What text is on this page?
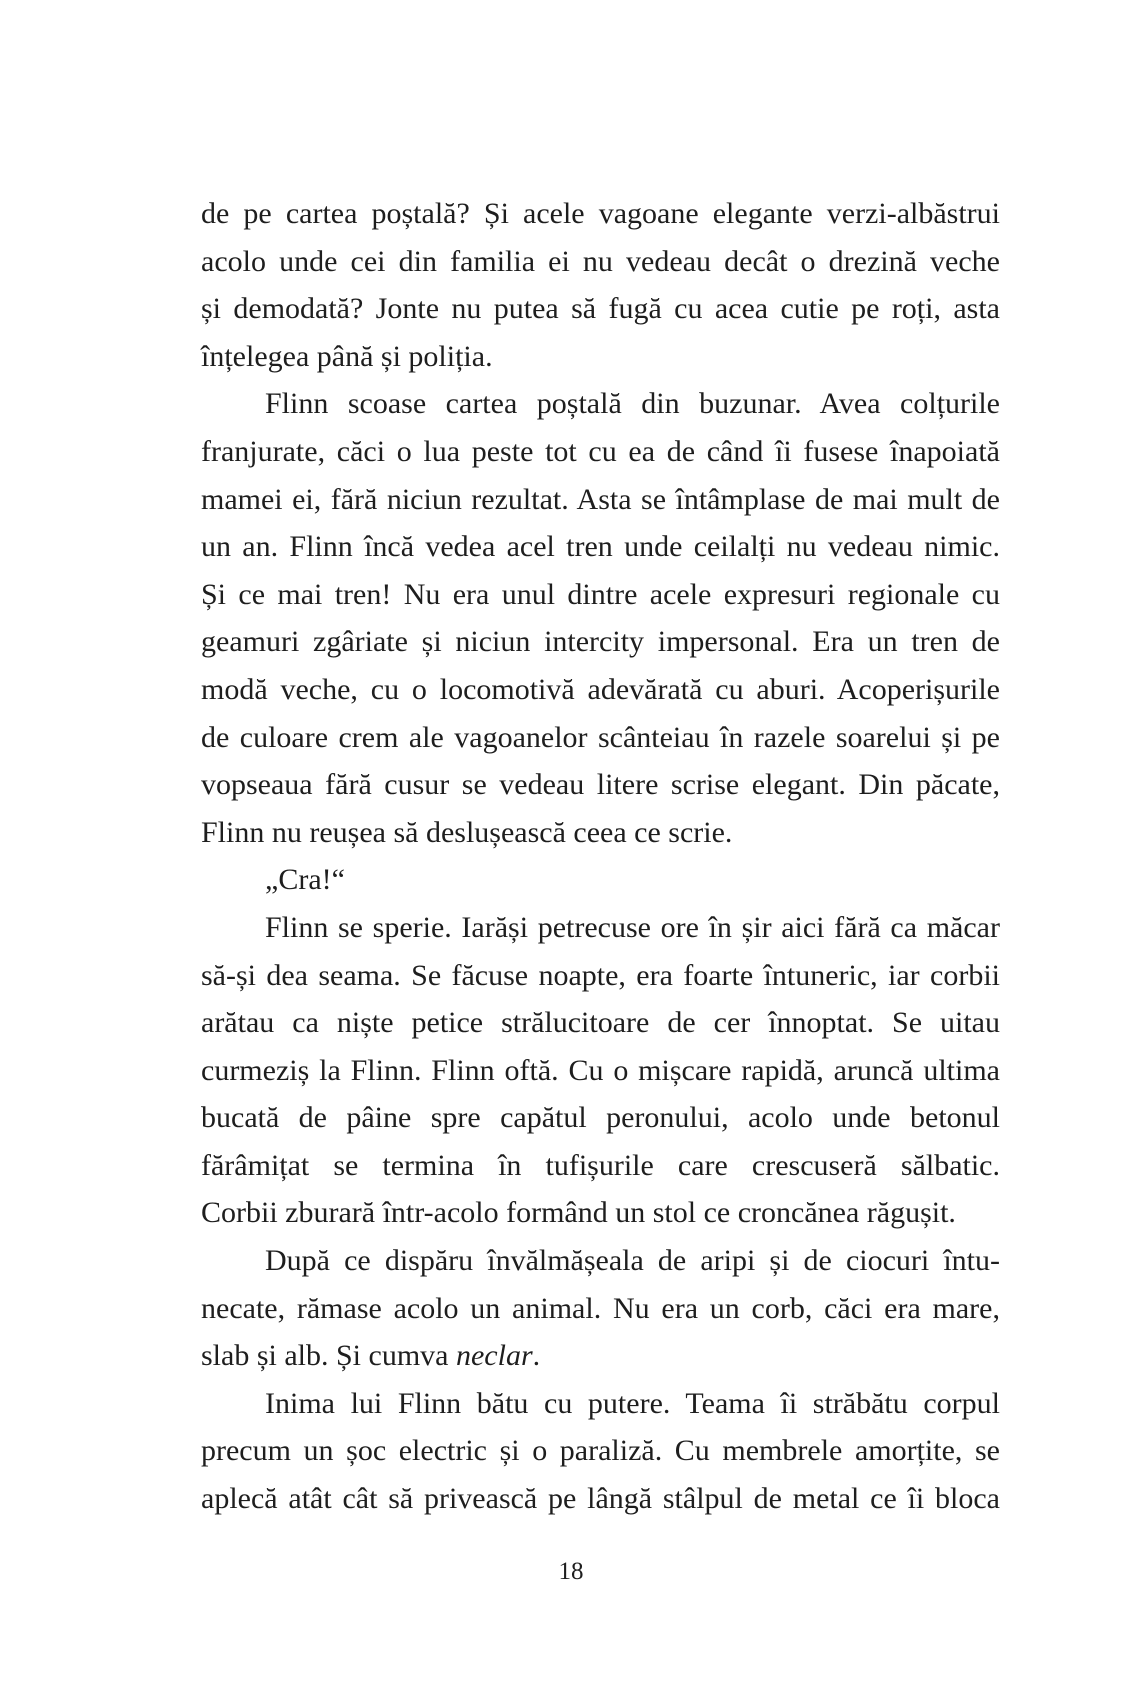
de pe cartea poștală? Și acele vagoane elegante verzi-albăstrui
acolo unde cei din familia ei nu vedeau decât o drezină veche
și demodată? Jonte nu putea să fugă cu acea cutie pe roți, asta
înțelegea până și poliția.
Flinn scoase cartea poștală din buzunar. Avea colțurile
franjurate, căci o lua peste tot cu ea de când îi fusese înapoiată
mamei ei, fără niciun rezultat. Asta se întâmplase de mai mult de
un an. Flinn încă vedea acel tren unde ceilalți nu vedeau nimic.
Și ce mai tren! Nu era unul dintre acele expresuri regionale cu
geamuri zgâriate și niciun intercity impersonal. Era un tren de
modă veche, cu o locomotivă adevărată cu aburi. Acoperișurile
de culoare crem ale vagoanelor scânteiau în razele soarelui și pe
vopseaua fără cusur se vedeau litere scrise elegant. Din păcate,
Flinn nu reușea să deslușească ceea ce scrie.
„Cra!“
Flinn se sperie. Iarăși petrecuse ore în șir aici fără ca măcar
să-și dea seama. Se făcuse noapte, era foarte întuneric, iar corbii
arătau ca niște petice strălucitoare de cer înnoptat. Se uitau
curmeziș la Flinn. Flinn oftă. Cu o mișcare rapidă, aruncă ultima
bucată de pâine spre capătul peronului, acolo unde betonul
fărâmițat se termina în tufișurile care crescuseră sălbatic.
Corbii zburară într-acolo formând un stol ce croncănea răgușit.
După ce dispăru învălmășeala de aripi și de ciocuri întu-
necate, rămase acolo un animal. Nu era un corb, căci era mare,
slab și alb. Și cumva neclar.
Inima lui Flinn bătu cu putere. Teama îi străbătu corpul
precum un șoc electric și o paraliză. Cu membrele amorțite, se
aplecă atât cât să privească pe lângă stâlpul de metal ce îi bloca
18
